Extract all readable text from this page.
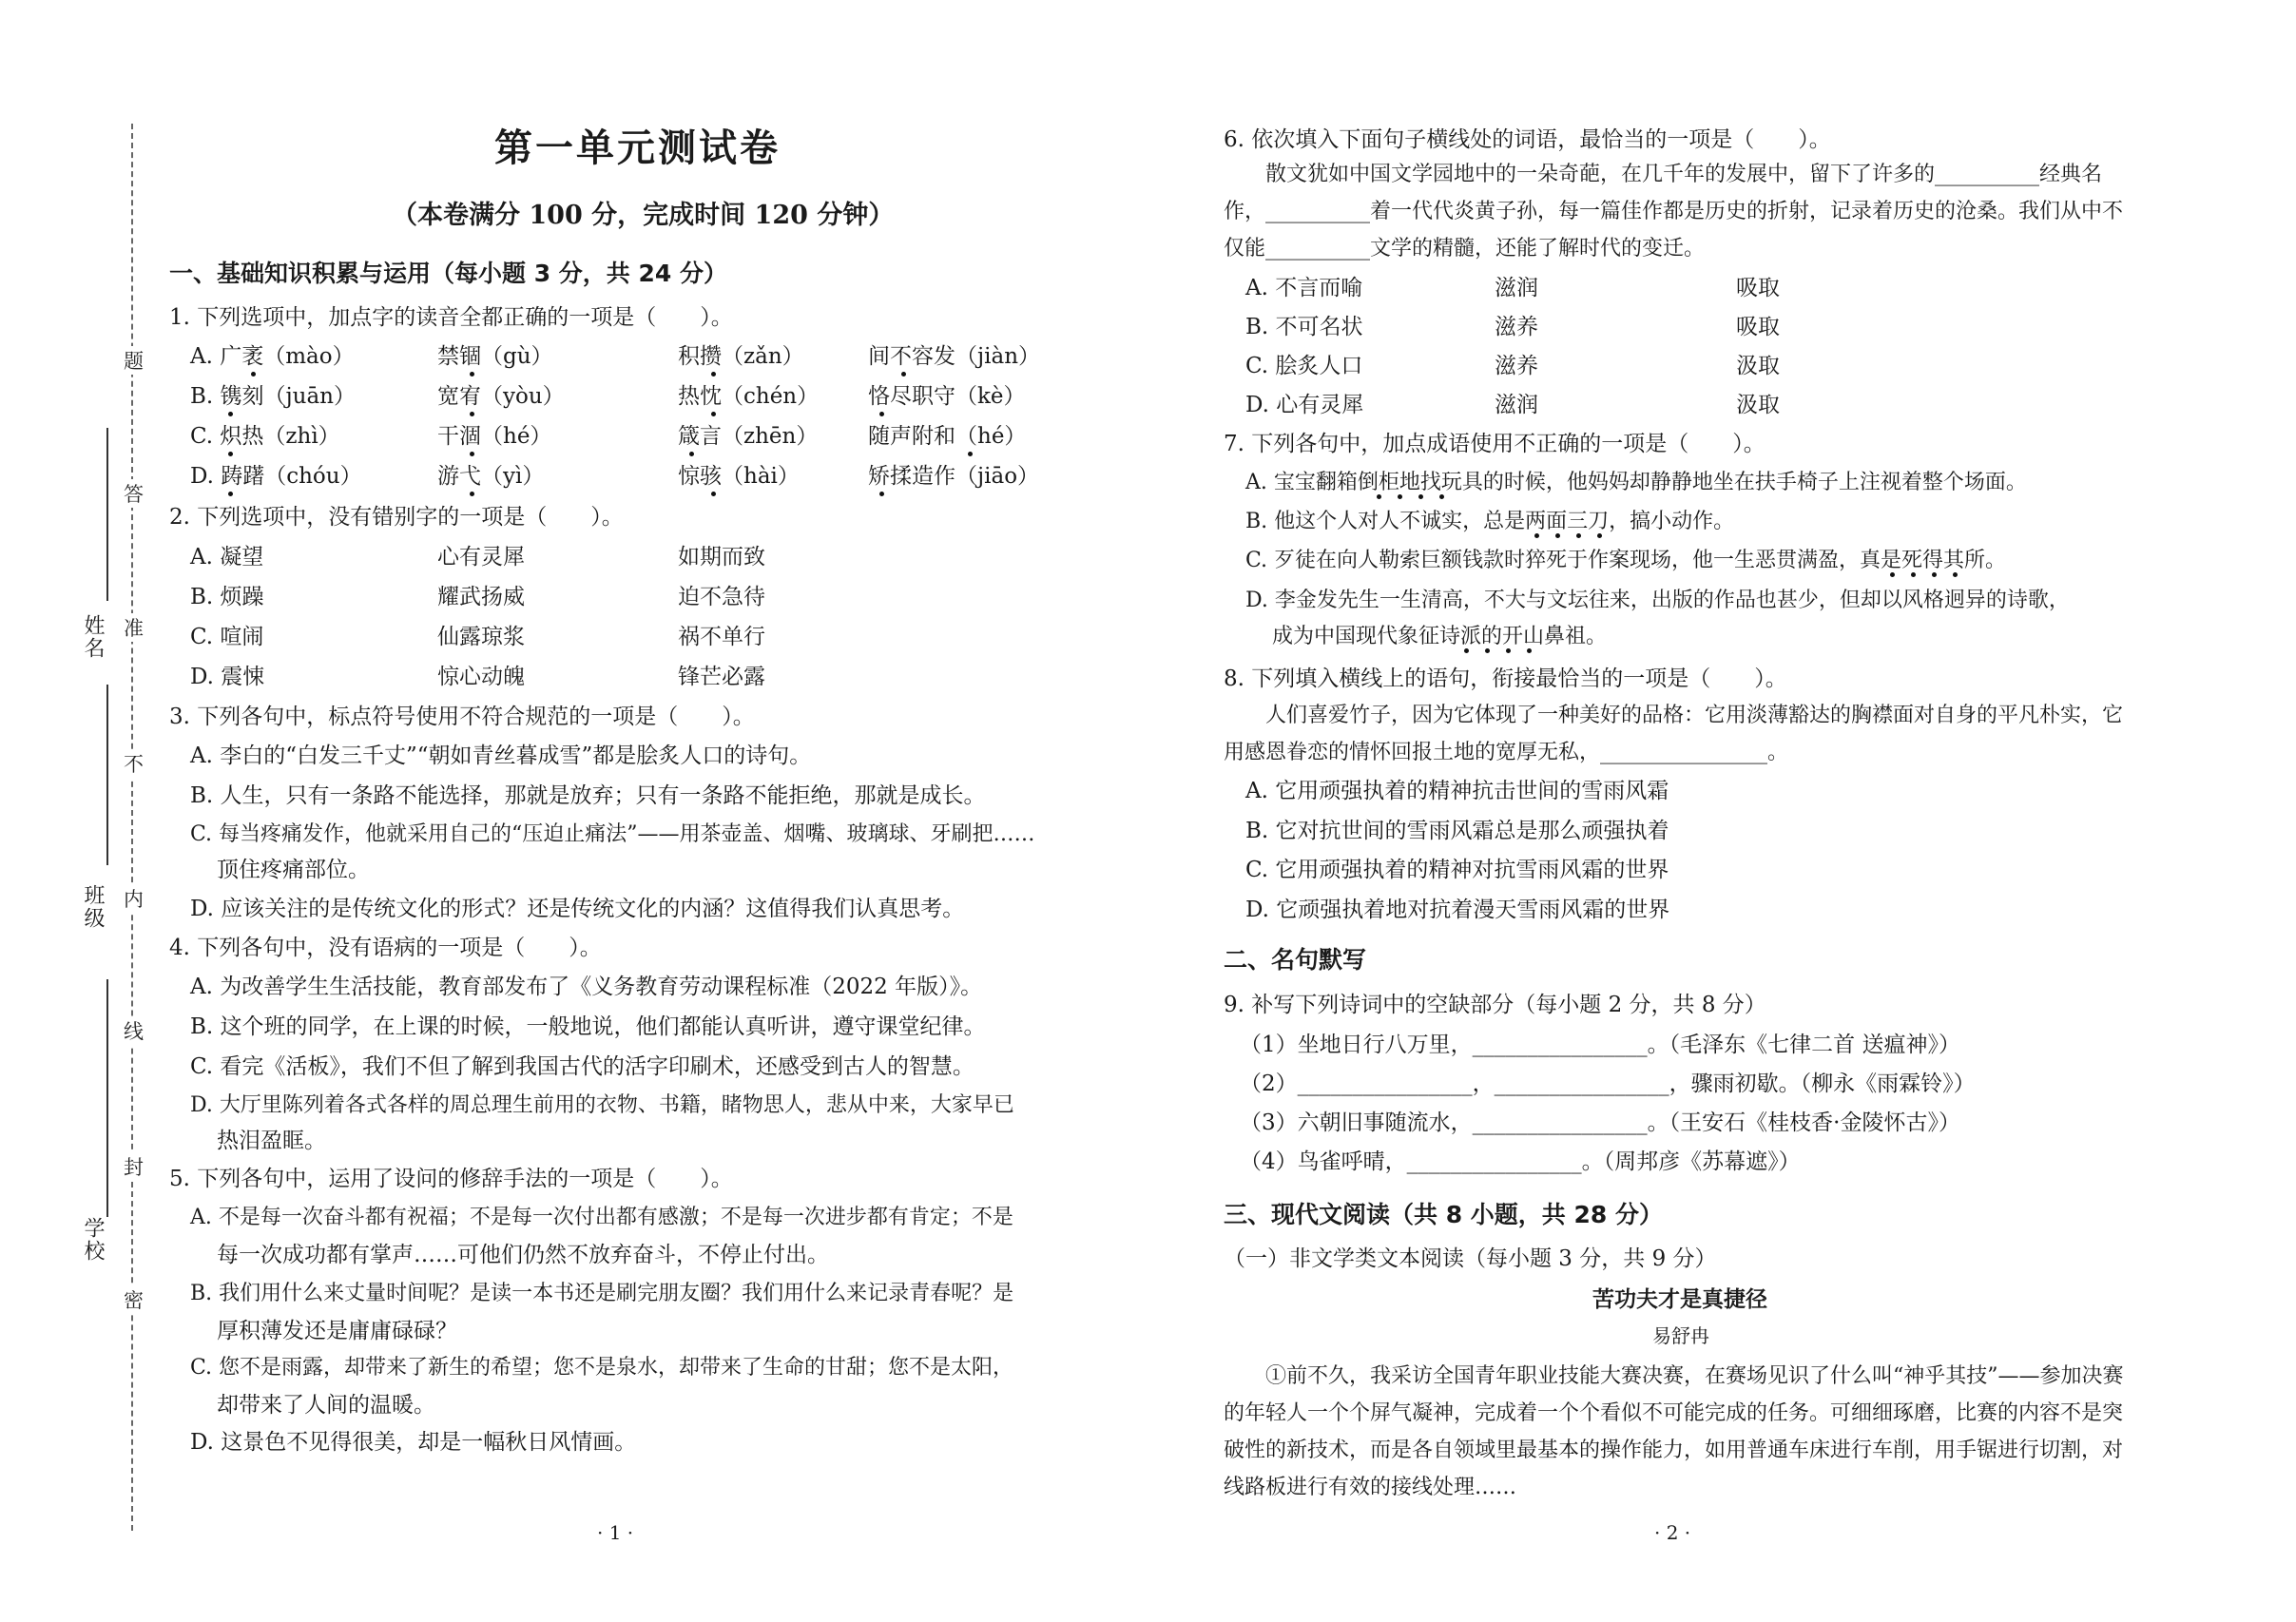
题
答
准
不
内
线
封
密
姓名
班级
学校
第一单元测试卷
（本卷满分 100 分，完成时间 120 分钟）
一、基础知识积累与运用（每小题 3 分，共 24 分）
1. 下列选项中，加点字的读音全都正确的一项是（　　）。
A. 广袤（mào）	禁锢（gù）	积攒（zǎn）	间不容发（jiàn）
B. 镌刻（juān）	宽宥（yòu）	热忱（chén） 恪尽职守（kè）
C. 炽热（zhì）	干涸（hé）	箴言（zhēn） 随声附和（hé）
D. 踌躇（chóu）	游弋（yì）	惊骇（hài）	矫揉造作（jiāo）
2. 下列选项中，没有错别字的一项是（　　）。
A. 凝望	心有灵犀	如期而致
B. 烦躁	耀武扬威	迫不急待
C. 喧闹	仙露琼浆	祸不单行
D. 震悚	惊心动魄	锋芒必露
3. 下列各句中，标点符号使用不符合规范的一项是（　　）。
A. 李白的“白发三千丈”“朝如青丝暮成雪”都是脍炙人口的诗句。
B. 人生，只有一条路不能选择，那就是放弃；只有一条路不能拒绝，那就是成长。
C. 每当疼痛发作，他就采用自己的“压迫止痛法”——用茶壶盖、烟嘴、玻璃球、牙刷把……
顶住疼痛部位。
D. 应该关注的是传统文化的形式？还是传统文化的内涵？这值得我们认真思考。
4. 下列各句中，没有语病的一项是（　　）。
A. 为改善学生生活技能，教育部发布了《义务教育劳动课程标准（2022 年版）》。
B. 这个班的同学，在上课的时候，一般地说，他们都能认真听讲，遵守课堂纪律。
C. 看完《活板》，我们不但了解到我国古代的活字印刷术，还感受到古人的智慧。
D. 大厅里陈列着各式各样的周总理生前用的衣物、书籍，睹物思人，悲从中来，大家早已
热泪盈眶。
5. 下列各句中，运用了设问的修辞手法的一项是（　　）。
A. 不是每一次奋斗都有祝福；不是每一次付出都有感激；不是每一次进步都有肯定；不是
每一次成功都有掌声……可他们仍然不放弃奋斗，不停止付出。
B. 我们用什么来丈量时间呢？是读一本书还是刷完朋友圈？我们用什么来记录青春呢？是
厚积薄发还是庸庸碌碌？
C. 您不是雨露，却带来了新生的希望；您不是泉水，却带来了生命的甘甜；您不是太阳，
却带来了人间的温暖。
D. 这景色不见得很美，却是一幅秋日风情画。
· 1 ·
6. 依次填入下面句子横线处的词语，最恰当的一项是（　　）。
散文犹如中国文学园地中的一朵奇葩，在几千年的发展中，留下了许多的__________经典名作，__________着一代代炎黄子孙，每一篇佳作都是历史的折射，记录着历史的沧桑。我们从中不仅能__________文学的精髓，还能了解时代的变迁。
A. 不言而喻	滋润	吸取
B. 不可名状	滋养	吸取
C. 脍炙人口	滋养	汲取
D. 心有灵犀	滋润	汲取
7. 下列各句中，加点成语使用不正确的一项是（　　）。
A. 宝宝翻箱倒柜地找玩具的时候，他妈妈却静静地坐在扶手椅子上注视着整个场面。
B. 他这个人对人不诚实，总是两面三刀，搞小动作。
C. 歹徒在向人勒索巨额钱款时猝死于作案现场，他一生恶贯满盈，真是死得其所。
D. 李金发先生一生清高，不大与文坛往来，出版的作品也甚少，但却以风格迥异的诗歌，
成为中国现代象征诗派的开山鼻祖。
8. 下列填入横线上的语句，衔接最恰当的一项是（　　）。
人们喜爱竹子，因为它体现了一种美好的品格：它用淡薄豁达的胸襟面对自身的平凡朴实，它用感恩眷恋的情怀回报土地的宽厚无私，________________。
A. 它用顽强执着的精神抗击世间的雪雨风霜
B. 它对抗世间的雪雨风霜总是那么顽强执着
C. 它用顽强执着的精神对抗雪雨风霜的世界
D. 它顽强执着地对抗着漫天雪雨风霜的世界
二、名句默写
9. 补写下列诗词中的空缺部分（每小题 2 分，共 8 分）
（1）坐地日行八万里，________________。（毛泽东《七律二首 送瘟神》）
（2）________________，________________，骤雨初歇。（柳永《雨霖铃》）
（3）六朝旧事随流水，________________。（王安石《桂枝香·金陵怀古》）
（4）鸟雀呼晴，________________。（周邦彦《苏幕遮》）
三、现代文阅读（共 8 小题，共 28 分）
（一）非文学类文本阅读（每小题 3 分，共 9 分）
苦功夫才是真捷径
易舒冉
①前不久，我采访全国青年职业技能大赛决赛，在赛场见识了什么叫“神乎其技”——参加决赛的年轻人一个个屏气凝神，完成着一个个看似不可能完成的任务。可细细琢磨，比赛的内容不是突破性的新技术，而是各自领域里最基本的操作能力，如用普通车床进行车削，用手锯进行切割，对线路板进行有效的接线处理……
· 2 ·
